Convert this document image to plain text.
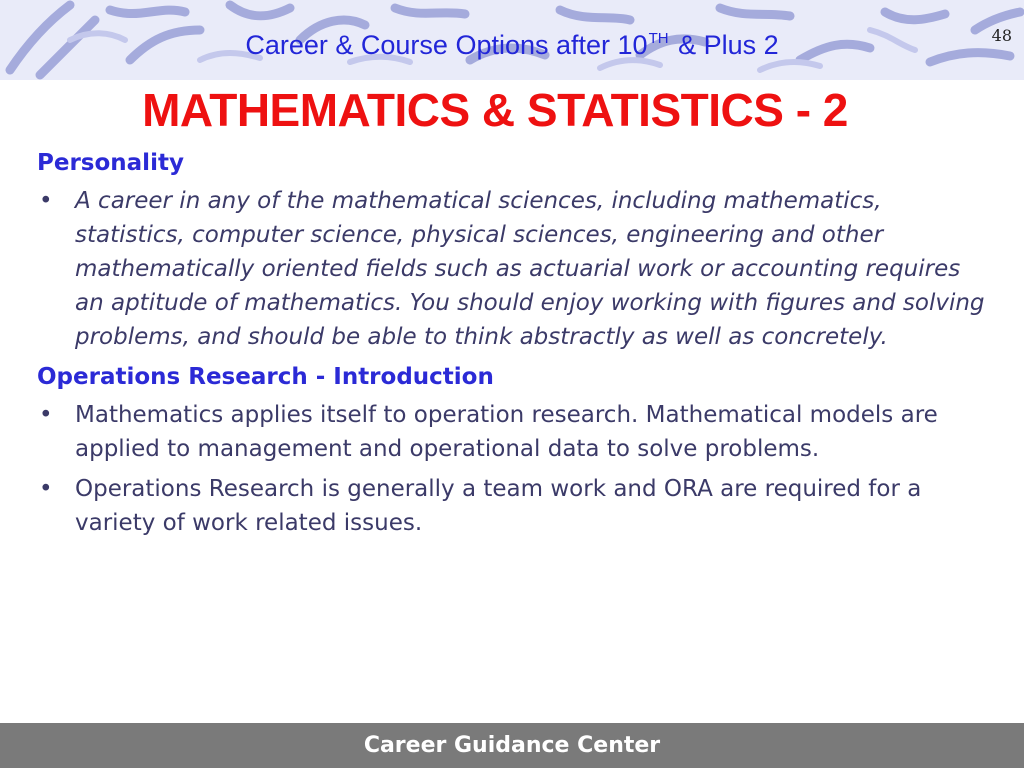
48
Career & Course Options after 10TH & Plus 2
MATHEMATICS & STATISTICS - 2
Personality
• A career in any of the mathematical sciences, including mathematics, statistics, computer science, physical sciences, engineering and other mathematically oriented fields such as actuarial work or accounting requires an aptitude of mathematics. You should enjoy working with figures and solving problems, and should be able to think abstractly as well as concretely.
Operations Research - Introduction
• Mathematics applies itself to operation research. Mathematical models are applied to management and operational data to solve problems.
• Operations Research is generally a team work and ORA are required for a variety of work related issues.
Career Guidance Center
